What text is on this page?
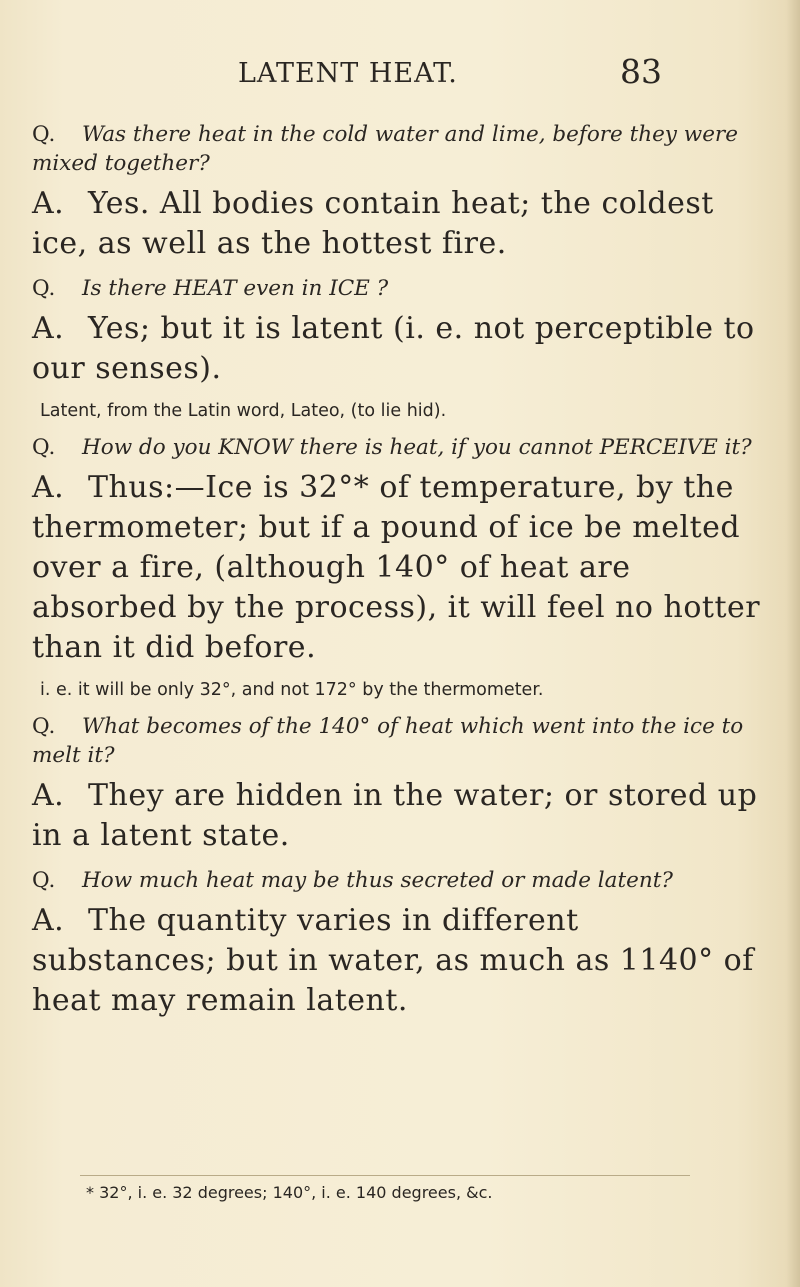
LATENT HEAT.	83

Q. Was there heat in the cold water and lime, before they were mixed together?

A. Yes. All bodies contain heat; the coldest ice, as well as the hottest fire.

Q. Is there HEAT even in ICE ?

A. Yes; but it is latent (i. e. not perceptible to our senses).

Latent, from the Latin word, Lateo, (to lie hid).

Q. How do you KNOW there is heat, if you cannot PERCEIVE it?

A. Thus:—Ice is 32°* of temperature, by the thermometer; but if a pound of ice be melted over a fire, (although 140° of heat are absorbed by the process), it will feel no hotter than it did before.

i. e. it will be only 32°, and not 172° by the thermometer.

Q. What becomes of the 140° of heat which went into the ice to melt it?

A. They are hidden in the water; or stored up in a latent state.

Q. How much heat may be thus secreted or made latent?

A. The quantity varies in different substances; but in water, as much as 1140° of heat may remain latent.

* 32°, i. e. 32 degrees; 140°, i. e. 140 degrees, &c.
